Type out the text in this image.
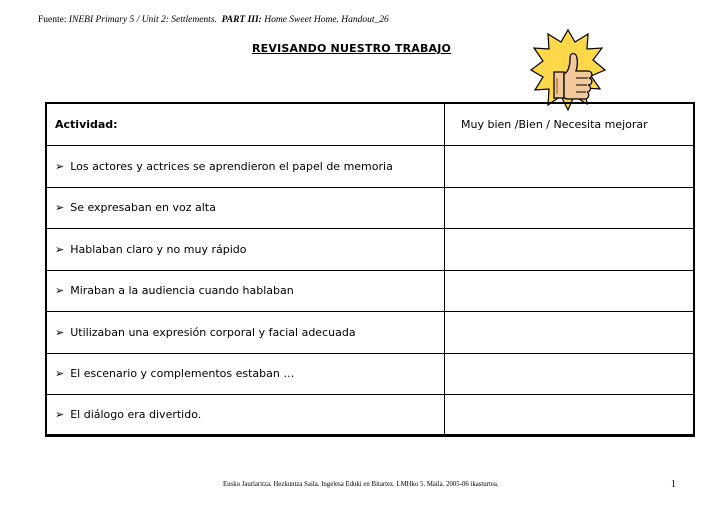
Fuente: INEBI Primary 5 / Unit 2: Settlements. PART III: Home Sweet Home. Handout_26
REVISANDO NUESTRO TRABAJO
Actividad:	Muy bien /Bien / Necesita mejorar
➢ Los actores y actrices se aprendieron el papel de memoria
➢ Se expresaban en voz alta
➢ Hablaban claro y no muy rápido
➢ Miraban a la audiencia cuando hablaban
➢ Utilizaban una expresión corporal y facial adecuada
➢ El escenario y complementos estaban …
➢ El diálogo era divertido.
Eusko Jaurlaritza. Hezkuntza Saila. Ingelesa Eduki en Bitartez. LMHko 5. Maila. 2005-06 ikasturtea.	1
